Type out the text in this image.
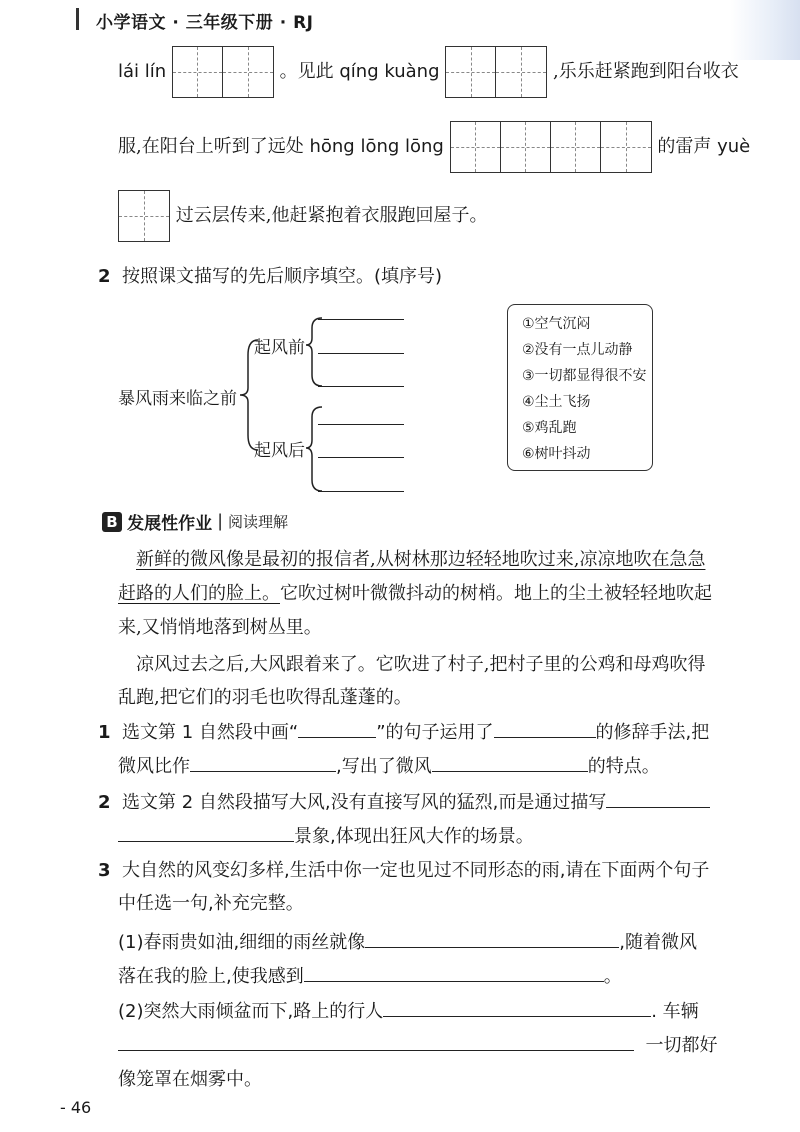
小学语文 · 三年级下册 · RJ
lái lín	。见此 qíng kuàng	,乐乐赶紧跑到阳台收衣
服,在阳台上听到了远处 hōng lōng lōng	的雷声 yuè
过云层传来,他赶紧抱着衣服跑回屋子。
2 按照课文描写的先后顺序填空。(填序号)
暴风雨来临之前
起风前
起风后
①空气沉闷
②没有一点儿动静
③一切都显得很不安
④尘土飞扬
⑤鸡乱跑
⑥树叶抖动
B 发展性作业 | 阅读理解
新鲜的微风像是最初的报信者,从树林那边轻轻地吹过来,凉凉地吹在急急
赶路的人们的脸上。它吹过树叶微微抖动的树梢。地上的尘土被轻轻地吹起
来,又悄悄地落到树丛里。
凉风过去之后,大风跟着来了。它吹进了村子,把村子里的公鸡和母鸡吹得
乱跑,把它们的羽毛也吹得乱蓬蓬的。
1 选文第 1 自然段中画“	”的句子运用了	的修辞手法,把
微风比作	,写出了微风	的特点。
2 选文第 2 自然段描写大风,没有直接写风的猛烈,而是通过描写
景象,体现出狂风大作的场景。
3 大自然的风变幻多样,生活中你一定也见过不同形态的雨,请在下面两个句子
中任选一句,补充完整。
(1)春雨贵如油,细细的雨丝就像	,随着微风
落在我的脸上,使我感到	。
(2)突然大雨倾盆而下,路上的行人	. 车辆
一切都好
像笼罩在烟雾中。
- 46
